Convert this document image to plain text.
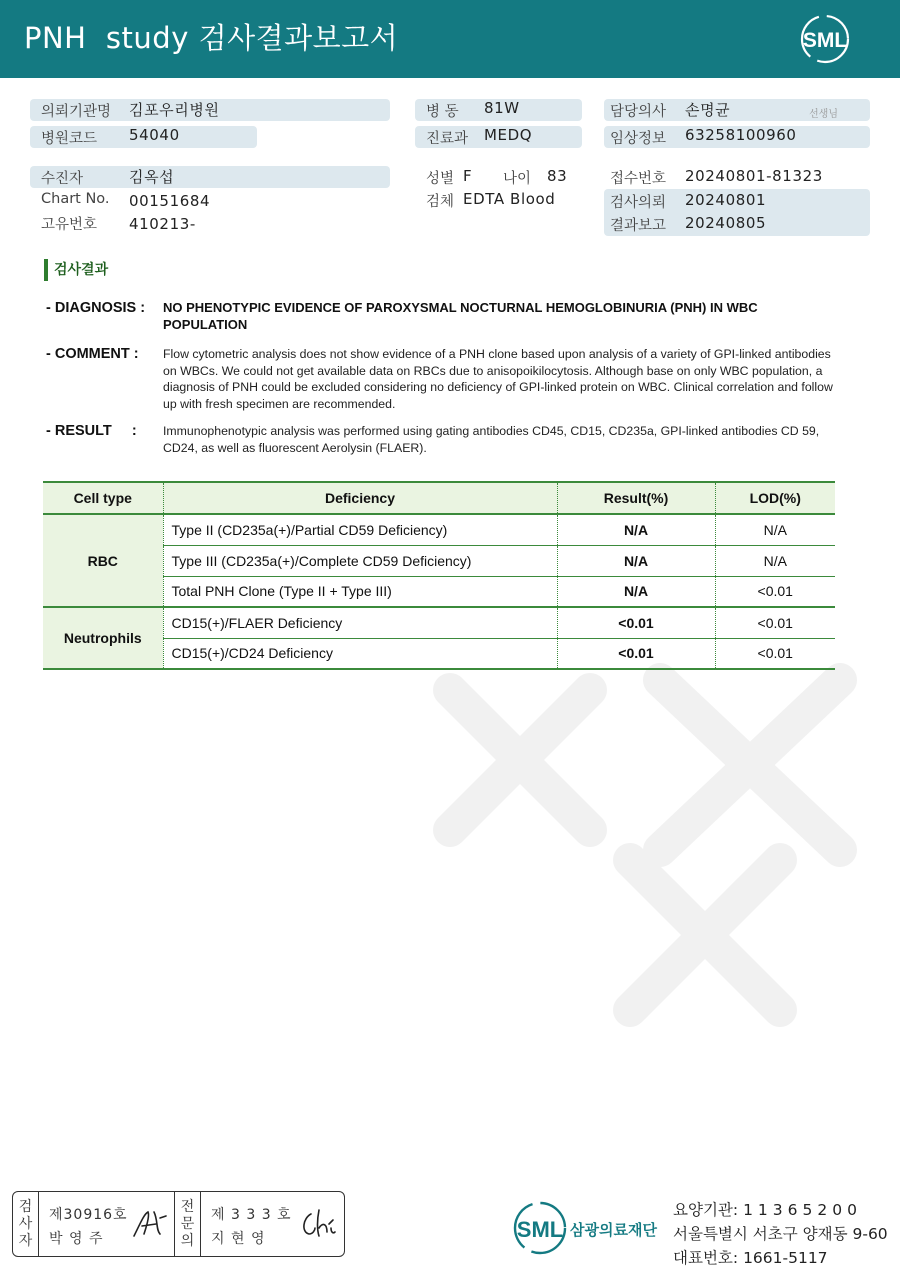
PNH  study 검사결과보고서	SML
의뢰기관명 김포우리병원
병원코드 54040
수진자	김옥섭
Chart No. 00151684
고유번호 410213-
병 동 81W
진료과 MEDQ
성별 F 나이 83
검체 EDTA Blood
담당의사 손명균	선생님
임상정보 63258100960
접수번호 20240801-81323
검사의뢰 20240801
결과보고 20240805
검사결과
- DIAGNOSIS : NO PHENOTYPIC EVIDENCE OF PAROXYSMAL NOCTURNAL HEMOGLOBINURIA (PNH) IN WBC POPULATION
- COMMENT : Flow cytometric analysis does not show evidence of a PNH clone based upon analysis of a variety of GPI-linked antibodies on WBCs. We could not get available data on RBCs due to anisopoikilocytosis. Although base on only WBC population, a diagnosis of PNH could be excluded considering no deficiency of GPI-linked protein on WBC. Clinical correlation and follow up with fresh specimen are recommended.
- RESULT     : Immunophenotypic analysis was performed using gating antibodies CD45, CD15, CD235a, GPI-linked antibodies CD 59, CD24, as well as fluorescent Aerolysin (FLAER).
Cell type	Deficiency	Result(%)	LOD(%)
RBC	Type II (CD235a(+)/Partial CD59 Deficiency)	N/A	N/A
	Type III (CD235a(+)/Complete CD59 Deficiency)	N/A	N/A
	Total PNH Clone (Type II + Type III)	N/A	<0.01
Neutrophils	CD15(+)/FLAER Deficiency	<0.01	<0.01
	CD15(+)/CD24 Deficiency	<0.01	<0.01
검
사
자
제30916호
박 영 주
전
문
의
제 3 3 3 호
지 현 영	SML 삼광의료재단
요양기관: 11365200
서울특별시 서초구 양재동 9-60
대표번호: 1661-5117
